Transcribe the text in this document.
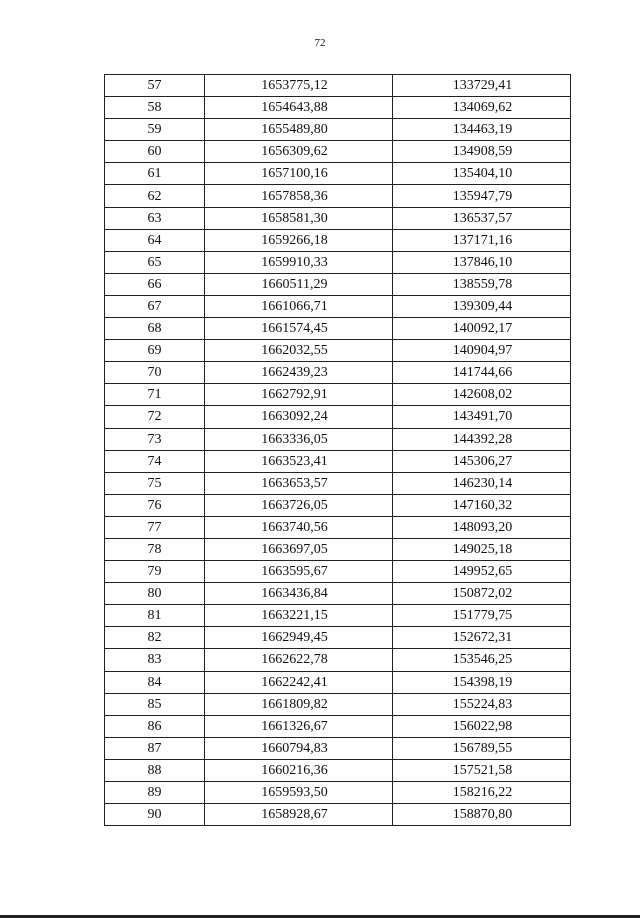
72
57	1653775,12	133729,41
58	1654643,88	134069,62
59	1655489,80	134463,19
60	1656309,62	134908,59
61	1657100,16	135404,10
62	1657858,36	135947,79
63	1658581,30	136537,57
64	1659266,18	137171,16
65	1659910,33	137846,10
66	1660511,29	138559,78
67	1661066,71	139309,44
68	1661574,45	140092,17
69	1662032,55	140904,97
70	1662439,23	141744,66
71	1662792,91	142608,02
72	1663092,24	143491,70
73	1663336,05	144392,28
74	1663523,41	145306,27
75	1663653,57	146230,14
76	1663726,05	147160,32
77	1663740,56	148093,20
78	1663697,05	149025,18
79	1663595,67	149952,65
80	1663436,84	150872,02
81	1663221,15	151779,75
82	1662949,45	152672,31
83	1662622,78	153546,25
84	1662242,41	154398,19
85	1661809,82	155224,83
86	1661326,67	156022,98
87	1660794,83	156789,55
88	1660216,36	157521,58
89	1659593,50	158216,22
90	1658928,67	158870,80
